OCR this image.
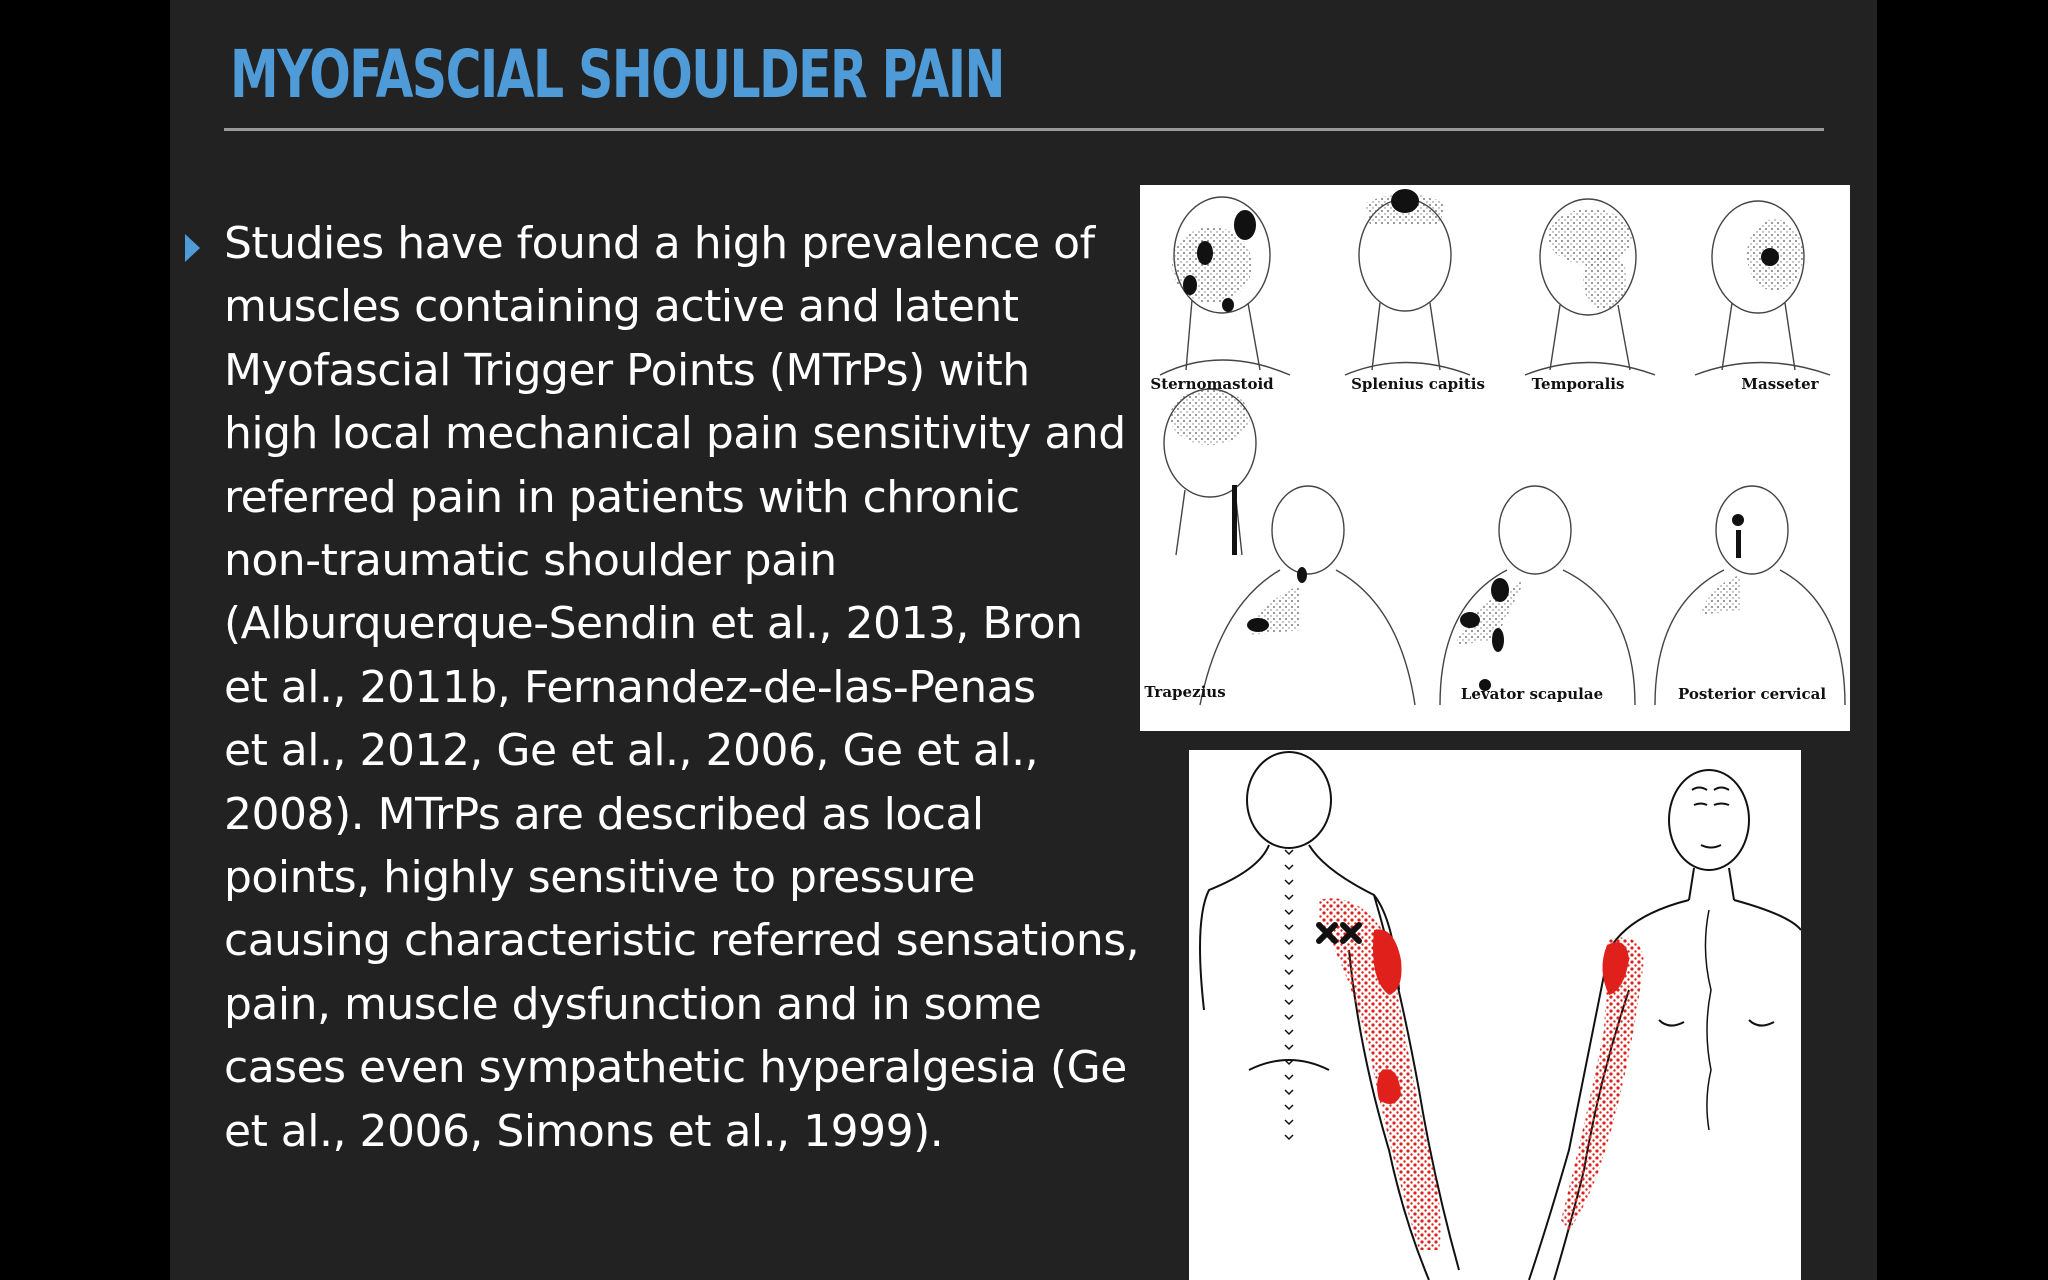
MYOFASCIAL SHOULDER PAIN

Studies have found a high prevalence of
muscles containing active and latent
Myofascial Trigger Points (MTrPs) with
high local mechanical pain sensitivity and
referred pain in patients with chronic
non-traumatic shoulder pain
(Alburquerque-Sendin et al., 2013, Bron
et al., 2011b, Fernandez-de-las-Penas
et al., 2012, Ge et al., 2006, Ge et al.,
2008). MTrPs are described as local
points, highly sensitive to pressure
causing characteristic referred sensations,
pain, muscle dysfunction and in some
cases even sympathetic hyperalgesia (Ge
et al., 2006, Simons et al., 1999).

Sternomastoid	Splenius capitis	Temporalis	Masseter
Trapezius	Levator scapulae	Posterior cervical
